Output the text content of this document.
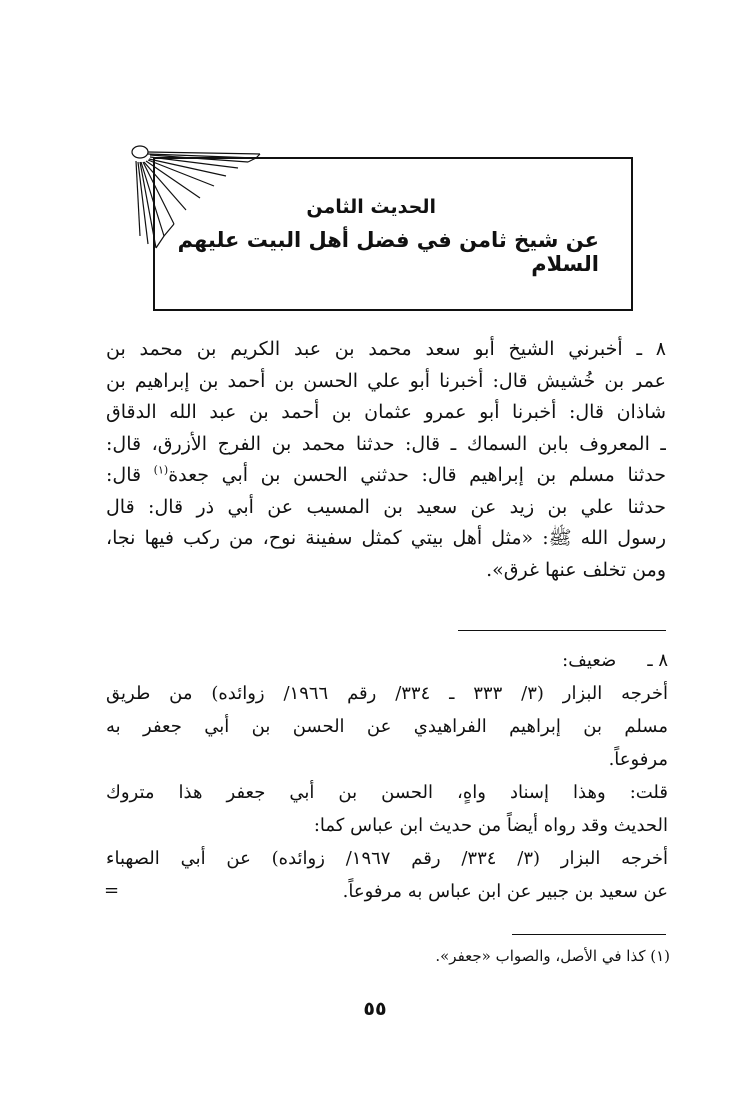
الحديث الثامن
عن شيخ ثامن في فضل أهل البيت عليهم السلام
٨ ـ أخبرني الشيخ أبو سعد محمد بن عبد الكريم بن محمد بن
عمر بن خُشيش قال: أخبرنا أبو علي الحسن بن أحمد بن إبراهيم بن
شاذان قال: أخبرنا أبو عمرو عثمان بن أحمد بن عبد الله الدقاق
ـ المعروف بابن السماك ـ قال: حدثنا محمد بن الفرج الأزرق، قال:
حدثنا مسلم بن إبراهيم قال: حدثني الحسن بن أبي جعدة$^{(١)}$ قال:
حدثنا علي بن زيد عن سعيد بن المسيب عن أبي ذر قال: قال
رسول الله ﷺ: «مثل أهل بيتي كمثل سفينة نوح، من ركب فيها نجا،
ومن تخلف عنها غرق».
٨ ـ ضعيف:
أخرجه البزار (٣/ ٣٣٣ ـ ٣٣٤/ رقم ١٩٦٦/ زوائده) من طريق
مسلم بن إبراهيم الفراهيدي عن الحسن بن أبي جعفر به
مرفوعاً.
قلت: وهذا إسناد واهٍ، الحسن بن أبي جعفر هذا متروك
الحديث وقد رواه أيضاً من حديث ابن عباس كما:
أخرجه البزار (٣/ ٣٣٤/ رقم ١٩٦٧/ زوائده) عن أبي الصهباء
عن سعيد بن جبير عن ابن عباس به مرفوعاً.
=
(١) كذا في الأصل، والصواب «جعفر».
٥٥
